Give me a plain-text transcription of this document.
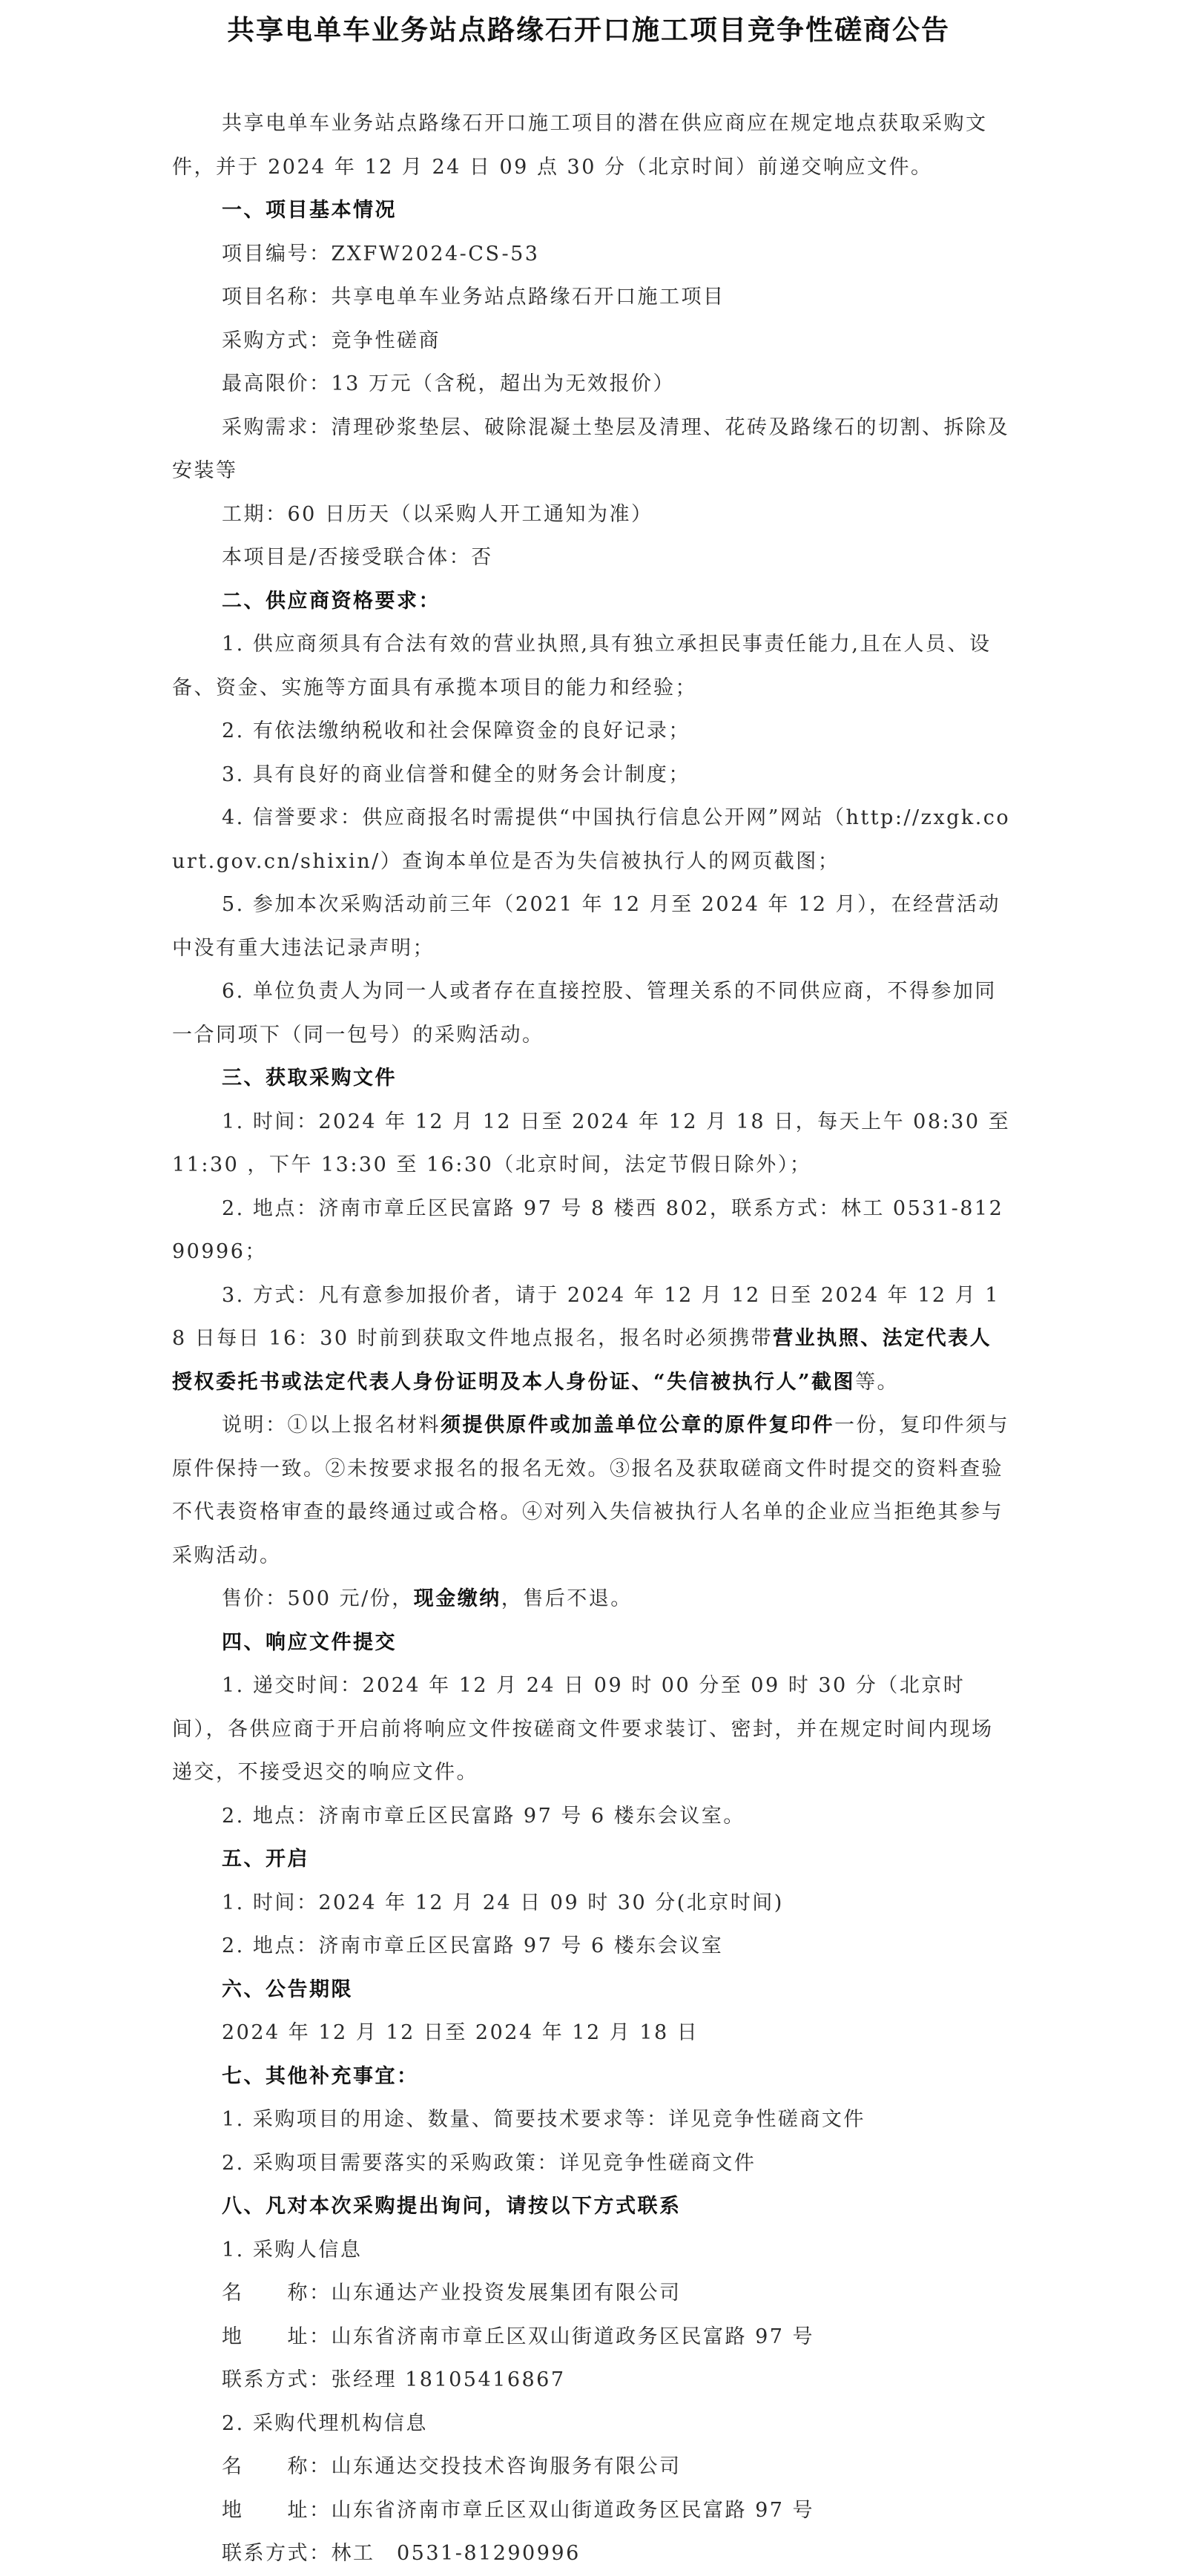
共享电单车业务站点路缘石开口施工项目竞争性磋商公告

共享电单车业务站点路缘石开口施工项目的潜在供应商应在规定地点获取采购文件，并于 2024 年 12 月 24 日 09 点 30 分（北京时间）前递交响应文件。

一、项目基本情况

项目编号：ZXFW2024-CS-53

项目名称：共享电单车业务站点路缘石开口施工项目

采购方式：竞争性磋商

最高限价：13 万元（含税，超出为无效报价）

采购需求：清理砂浆垫层、破除混凝土垫层及清理、花砖及路缘石的切割、拆除及安装等

工期：60 日历天（以采购人开工通知为准）

本项目是/否接受联合体：否

二、供应商资格要求：

1. 供应商须具有合法有效的营业执照,具有独立承担民事责任能力,且在人员、设备、资金、实施等方面具有承揽本项目的能力和经验；

2. 有依法缴纳税收和社会保障资金的良好记录；

3. 具有良好的商业信誉和健全的财务会计制度；

4. 信誉要求：供应商报名时需提供“中国执行信息公开网”网站（http://zxgk.court.gov.cn/shixin/）查询本单位是否为失信被执行人的网页截图；

5. 参加本次采购活动前三年（2021 年 12 月至 2024 年 12 月），在经营活动中没有重大违法记录声明；

6. 单位负责人为同一人或者存在直接控股、管理关系的不同供应商，不得参加同一合同项下（同一包号）的采购活动。

三、获取采购文件

1. 时间：2024 年 12 月 12 日至 2024 年 12 月 18 日，每天上午 08:30 至 11:30 ，下午 13:30 至 16:30（北京时间，法定节假日除外）；

2. 地点：济南市章丘区民富路 97 号 8 楼西 802，联系方式：林工 0531-81290996；

3. 方式：凡有意参加报价者，请于 2024 年 12 月 12 日至 2024 年 12 月 18 日每日 16：30 时前到获取文件地点报名，报名时必须携带营业执照、法定代表人授权委托书或法定代表人身份证明及本人身份证、“失信被执行人”截图等。

说明：①以上报名材料须提供原件或加盖单位公章的原件复印件一份，复印件须与原件保持一致。②未按要求报名的报名无效。③报名及获取磋商文件时提交的资料查验不代表资格审查的最终通过或合格。④对列入失信被执行人名单的企业应当拒绝其参与采购活动。

售价：500 元/份，现金缴纳，售后不退。

四、响应文件提交

1. 递交时间：2024 年 12 月 24 日 09 时 00 分至 09 时 30 分（北京时间），各供应商于开启前将响应文件按磋商文件要求装订、密封，并在规定时间内现场递交，不接受迟交的响应文件。

2. 地点：济南市章丘区民富路 97 号 6 楼东会议室。

五、开启

1. 时间：2024 年 12 月 24 日 09 时 30 分(北京时间)

2. 地点：济南市章丘区民富路 97 号 6 楼东会议室

六、公告期限

2024 年 12 月 12 日至 2024 年 12 月 18 日

七、其他补充事宜：

1. 采购项目的用途、数量、简要技术要求等：详见竞争性磋商文件

2. 采购项目需要落实的采购政策：详见竞争性磋商文件

八、凡对本次采购提出询问，请按以下方式联系

1. 采购人信息

名　　称：山东通达产业投资发展集团有限公司

地　　址：山东省济南市章丘区双山街道政务区民富路 97 号

联系方式：张经理 18105416867

2. 采购代理机构信息

名　　称：山东通达交投技术咨询服务有限公司

地　　址：山东省济南市章丘区双山街道政务区民富路 97 号

联系方式：林工　0531-81290996
